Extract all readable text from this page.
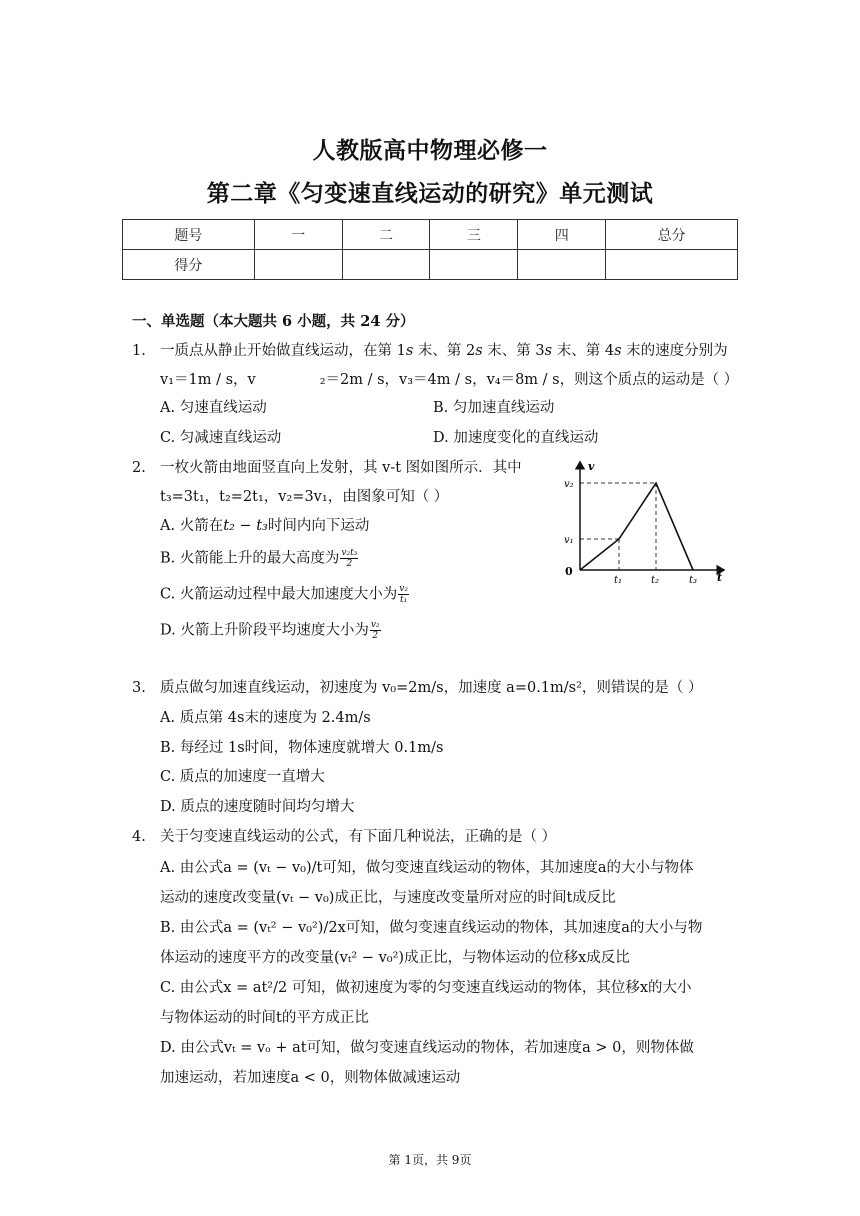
人教版高中物理必修一
第二章《匀变速直线运动的研究》单元测试
题号	一	二	三	四	总分
得分					
一、单选题（本大题共 6 小题，共 24 分）
1. 一质点从静止开始做直线运动，在第 1s 末、第 2s 末、第 3s 末、第 4s 末的速度分别为
v₁＝1m / s，v	₂＝2m / s，v₃＝4m / s，v₄＝8m / s，则这个质点的运动是（ ）
A. 匀速直线运动	B. 匀加速直线运动
C. 匀减速直线运动	D. 加速度变化的直线运动
2. 一枚火箭由地面竖直向上发射，其 v-t 图如图所示．其中
t₃=3t₁，t₂=2t₁，v₂=3v₁，由图象可知（ ）
A. 火箭在t₂ − t₃时间内向下运动
B. 火箭能上升的最大高度为 $\frac{\text{v₂t₃}}{2}$
C. 火箭运动过程中最大加速度大小为 $\frac{\text{v₂}}{\text{t₁}}$
D. 火箭上升阶段平均速度大小为 $\frac{\text{v₂}}{2}$
v
t
0
v₁
v₂
t₁	t₂	t₃
3. 质点做匀加速直线运动，初速度为 v₀=2m/s，加速度 a=0.1m/s²，则错误的是（ ）
A. 质点第 4s末的速度为 2.4m/s
B. 每经过 1s时间，物体速度就增大 0.1m/s
C. 质点的加速度一直增大
D. 质点的速度随时间均匀增大
4. 关于匀变速直线运动的公式，有下面几种说法，正确的是（ ）
A. 由公式a = (vₜ − v₀)/t可知，做匀变速直线运动的物体，其加速度a的大小与物体
运动的速度改变量(vₜ − v₀)成正比，与速度改变量所对应的时间t成反比
B. 由公式a = (vₜ² − v₀²)/2x可知，做匀变速直线运动的物体，其加速度a的大小与物
体运动的速度平方的改变量(vₜ² − v₀²)成正比，与物体运动的位移x成反比
C. 由公式x = at²/2 可知，做初速度为零的匀变速直线运动的物体，其位移x的大小
与物体运动的时间t的平方成正比
D. 由公式vₜ = vₒ + at可知，做匀变速直线运动的物体，若加速度a > 0，则物体做
加速运动，若加速度a < 0，则物体做减速运动
第 1页，共 9页
